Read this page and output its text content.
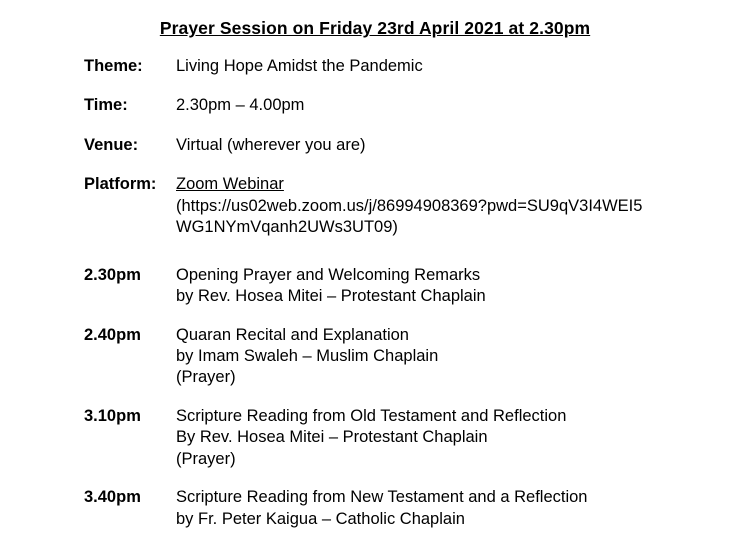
Prayer Session on Friday 23rd April 2021 at 2.30pm
Theme:	Living Hope Amidst the Pandemic
Time:	2.30pm – 4.00pm
Venue:	Virtual (wherever you are)
Platform:	Zoom Webinar
(https://us02web.zoom.us/j/86994908369?pwd=SU9qV3I4WEI5
WG1NYmVqanh2UWs3UT09)
2.30pm	Opening Prayer and Welcoming Remarks
by Rev. Hosea Mitei – Protestant Chaplain
2.40pm	Quaran Recital and Explanation
by Imam Swaleh – Muslim Chaplain
(Prayer)
3.10pm	Scripture Reading from Old Testament and Reflection
By Rev. Hosea Mitei – Protestant Chaplain
(Prayer)
3.40pm	Scripture Reading from New Testament and a Reflection
by Fr. Peter Kaigua – Catholic Chaplain
